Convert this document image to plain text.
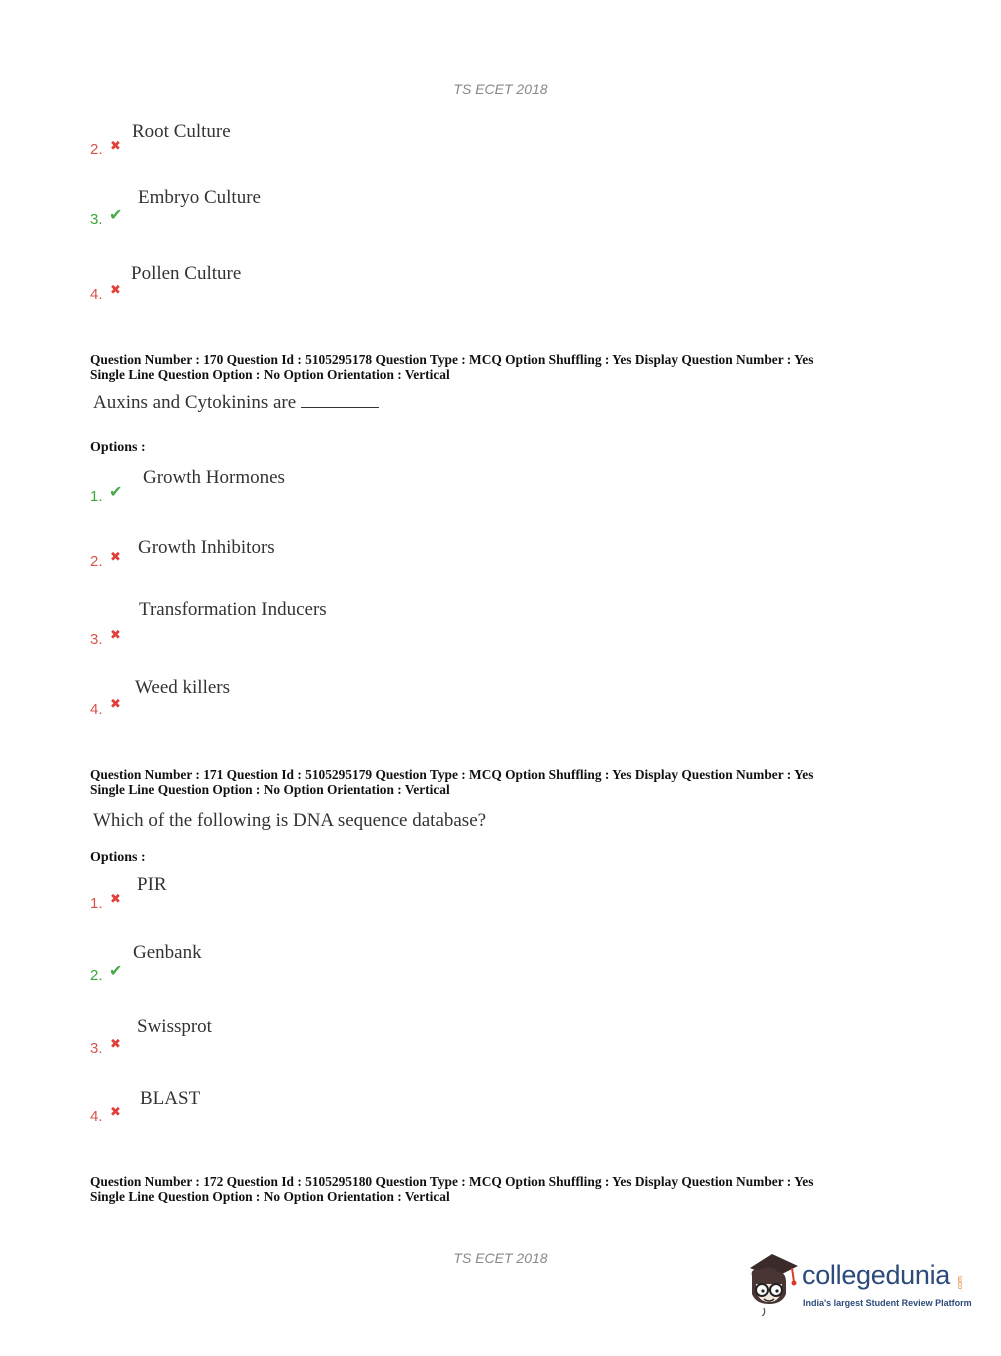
TS ECET 2018
2. ✖
Root Culture
3. ✔
Embryo Culture
4. ✖
Pollen Culture
Question Number : 170 Question Id : 5105295178 Question Type : MCQ Option Shuffling : Yes Display Question Number : Yes
Single Line Question Option : No Option Orientation : Vertical
Auxins and Cytokinins are
Options :
1. ✔
Growth Hormones
2. ✖ Growth Inhibitors
3. ✖
Transformation Inducers
4. ✖
Weed killers
Question Number : 171 Question Id : 5105295179 Question Type : MCQ Option Shuffling : Yes Display Question Number : Yes
Single Line Question Option : No Option Orientation : Vertical
Which of the following is DNA sequence database?
Options :
1. ✖
PIR
2. ✔
Genbank
3. ✖
Swissprot
4. ✖
BLAST
Question Number : 172 Question Id : 5105295180 Question Type : MCQ Option Shuffling : Yes Display Question Number : Yes
Single Line Question Option : No Option Orientation : Vertical
TS ECET 2018
collegedunia .com
India's largest Student Review Platform
